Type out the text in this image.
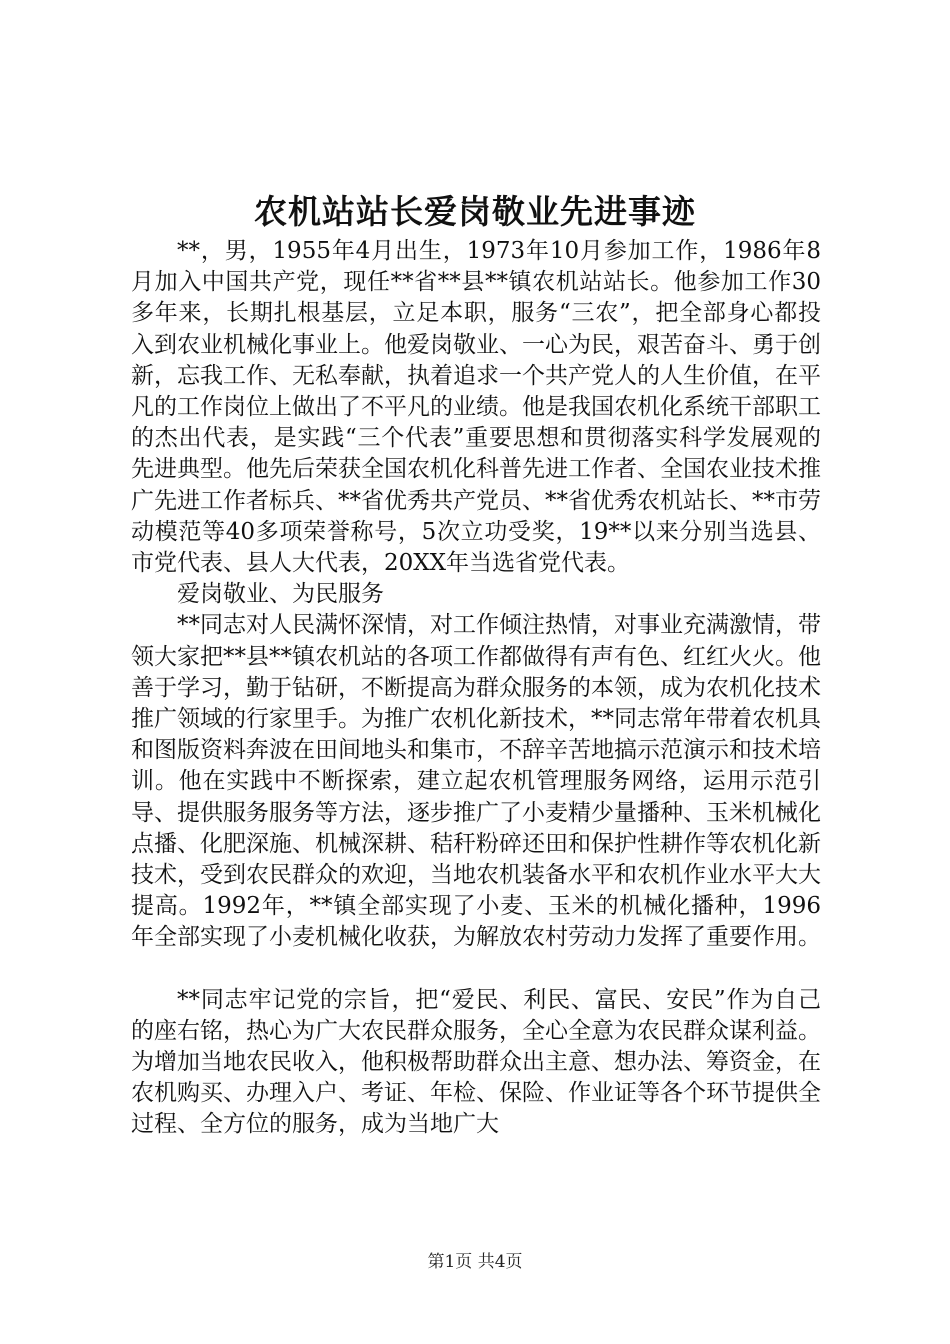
农机站站长爱岗敬业先进事迹

**，男，1955年4月出生，1973年10月参加工作，1986年8月加入中国共产党，现任**省**县**镇农机站站长。他参加工作30多年来，长期扎根基层，立足本职，服务“三农”，把全部身心都投入到农业机械化事业上。他爱岗敬业、一心为民，艰苦奋斗、勇于创新，忘我工作、无私奉献，执着追求一个共产党人的人生价值，在平凡的工作岗位上做出了不平凡的业绩。他是我国农机化系统干部职工的杰出代表，是实践“三个代表”重要思想和贯彻落实科学发展观的先进典型。他先后荣获全国农机化科普先进工作者、全国农业技术推广先进工作者标兵、**省优秀共产党员、**省优秀农机站长、**市劳动模范等40多项荣誉称号，5次立功受奖，19**以来分别当选县、市党代表、县人大代表，20XX年当选省党代表。

爱岗敬业、为民服务

**同志对人民满怀深情，对工作倾注热情，对事业充满激情，带领大家把**县**镇农机站的各项工作都做得有声有色、红红火火。他善于学习，勤于钻研，不断提高为群众服务的本领，成为农机化技术推广领域的行家里手。为推广农机化新技术，**同志常年带着农机具和图版资料奔波在田间地头和集市，不辞辛苦地搞示范演示和技术培训。他在实践中不断探索，建立起农机管理服务网络，运用示范引导、提供服务服务等方法，逐步推广了小麦精少量播种、玉米机械化点播、化肥深施、机械深耕、秸秆粉碎还田和保护性耕作等农机化新技术，受到农民群众的欢迎，当地农机装备水平和农机作业水平大大提高。1992年，**镇全部实现了小麦、玉米的机械化播种，1996年全部实现了小麦机械化收获，为解放农村劳动力发挥了重要作用。

**同志牢记党的宗旨，把“爱民、利民、富民、安民”作为自己的座右铭，热心为广大农民群众服务，全心全意为农民群众谋利益。为增加当地农民收入，他积极帮助群众出主意、想办法、筹资金，在农机购买、办理入户、考证、年检、保险、作业证等各个环节提供全过程、全方位的服务，成为当地广大

第1页 共4页
